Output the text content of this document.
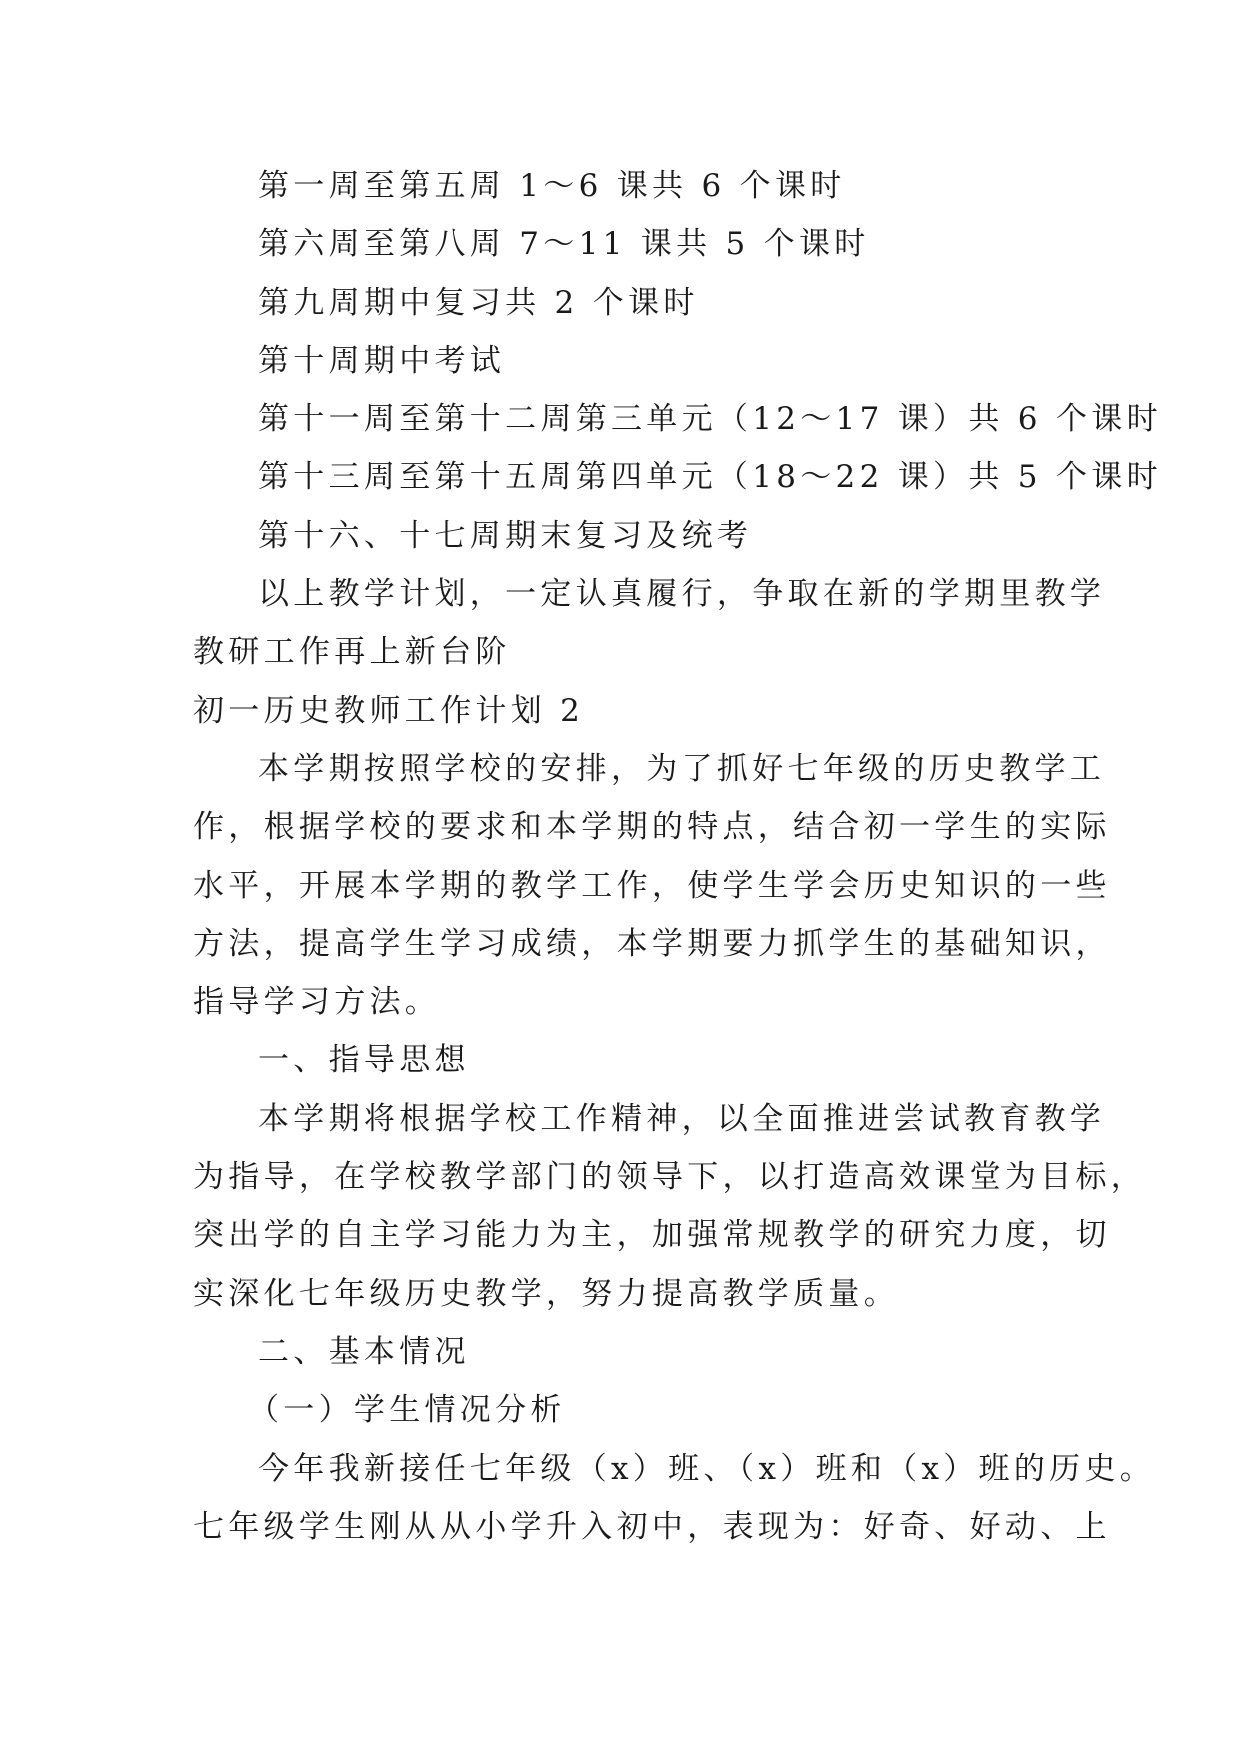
第一周至第五周 1～6 课共 6 个课时
第六周至第八周 7～11 课共 5 个课时
第九周期中复习共 2 个课时
第十周期中考试
第十一周至第十二周第三单元（12～17 课）共 6 个课时
第十三周至第十五周第四单元（18～22 课）共 5 个课时
第十六、十七周期末复习及统考
以上教学计划，一定认真履行，争取在新的学期里教学
教研工作再上新台阶
初一历史教师工作计划 2
本学期按照学校的安排，为了抓好七年级的历史教学工
作，根据学校的要求和本学期的特点，结合初一学生的实际
水平，开展本学期的教学工作，使学生学会历史知识的一些
方法，提高学生学习成绩，本学期要力抓学生的基础知识，
指导学习方法。
一、指导思想
本学期将根据学校工作精神，以全面推进尝试教育教学
为指导，在学校教学部门的领导下，以打造高效课堂为目标，
突出学的自主学习能力为主，加强常规教学的研究力度，切
实深化七年级历史教学，努力提高教学质量。
二、基本情况
（一）学生情况分析
今年我新接任七年级（x）班、（x）班和（x）班的历史。
七年级学生刚从从小学升入初中，表现为：好奇、好动、上
